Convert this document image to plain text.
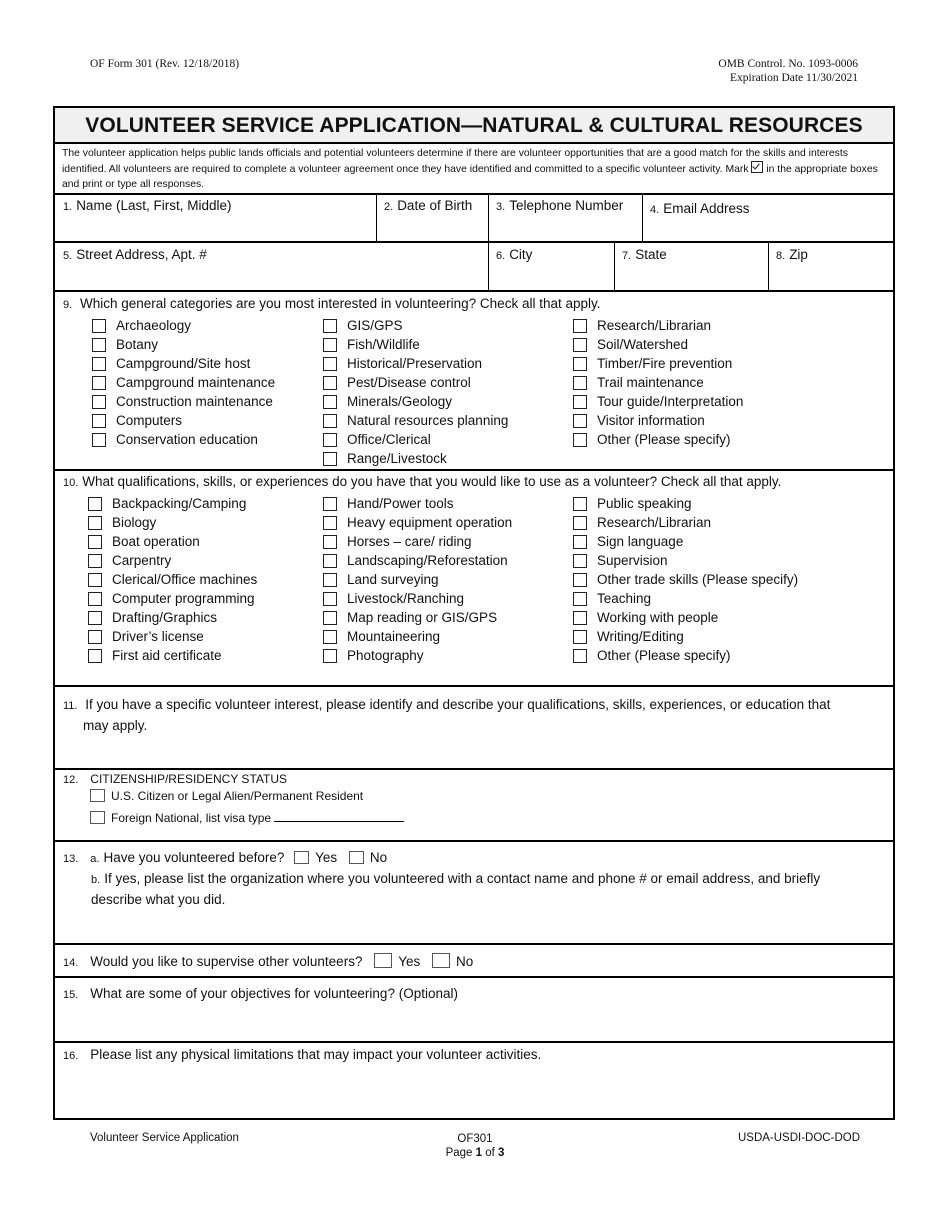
OF Form 301 (Rev. 12/18/2018)	OMB Control. No. 1093-0006
Expiration Date 11/30/2021
VOLUNTEER SERVICE APPLICATION—NATURAL & CULTURAL RESOURCES
The volunteer application helps public lands officials and potential volunteers determine if there are volunteer opportunities that are a good match for the skills and interests identified. All volunteers are required to complete a volunteer agreement once they have identified and committed to a specific volunteer activity. Mark in the appropriate boxes and print or type all responses.
1. Name (Last, First, Middle)	2. Date of Birth 3. Telephone Number 4. Email Address
5. Street Address, Apt. #	6. City	7. State	8. Zip
9. Which general categories are you most interested in volunteering? Check all that apply.
Archaeology
Botany
Campground/Site host
Campground maintenance
Construction maintenance
Computers
Conservation education
GIS/GPS
Fish/Wildlife
Historical/Preservation
Pest/Disease control
Minerals/Geology
Natural resources planning
Office/Clerical
Range/Livestock
Research/Librarian
Soil/Watershed
Timber/Fire prevention
Trail maintenance
Tour guide/Interpretation
Visitor information
Other (Please specify)
10. What qualifications, skills, or experiences do you have that you would like to use as a volunteer? Check all that apply.
Backpacking/Camping
Biology
Boat operation
Carpentry
Clerical/Office machines
Computer programming
Drafting/Graphics
Driver’s license
First aid certificate
Hand/Power tools
Heavy equipment operation
Horses – care/ riding
Landscaping/Reforestation
Land surveying
Livestock/Ranching
Map reading or GIS/GPS
Mountaineering
Photography
Public speaking
Research/Librarian
Sign language
Supervision
Other trade skills (Please specify)
Teaching
Working with people
Writing/Editing
Other (Please specify)
11. If you have a specific volunteer interest, please identify and describe your qualifications, skills, experiences, or education that
may apply.
12. CITIZENSHIP/RESIDENCY STATUS
U.S. Citizen or Legal Alien/Permanent Resident
Foreign National, list visa type
13. a. Have you volunteered before? Yes No
b. If yes, please list the organization where you volunteered with a contact name and phone # or email address, and briefly
describe what you did.
14. Would you like to supervise other volunteers?	Yes	No
15. What are some of your objectives for volunteering? (Optional)
16. Please list any physical limitations that may impact your volunteer activities.
Volunteer Service Application	OF301
Page 1 of 3
USDA-USDI-DOC-DOD
